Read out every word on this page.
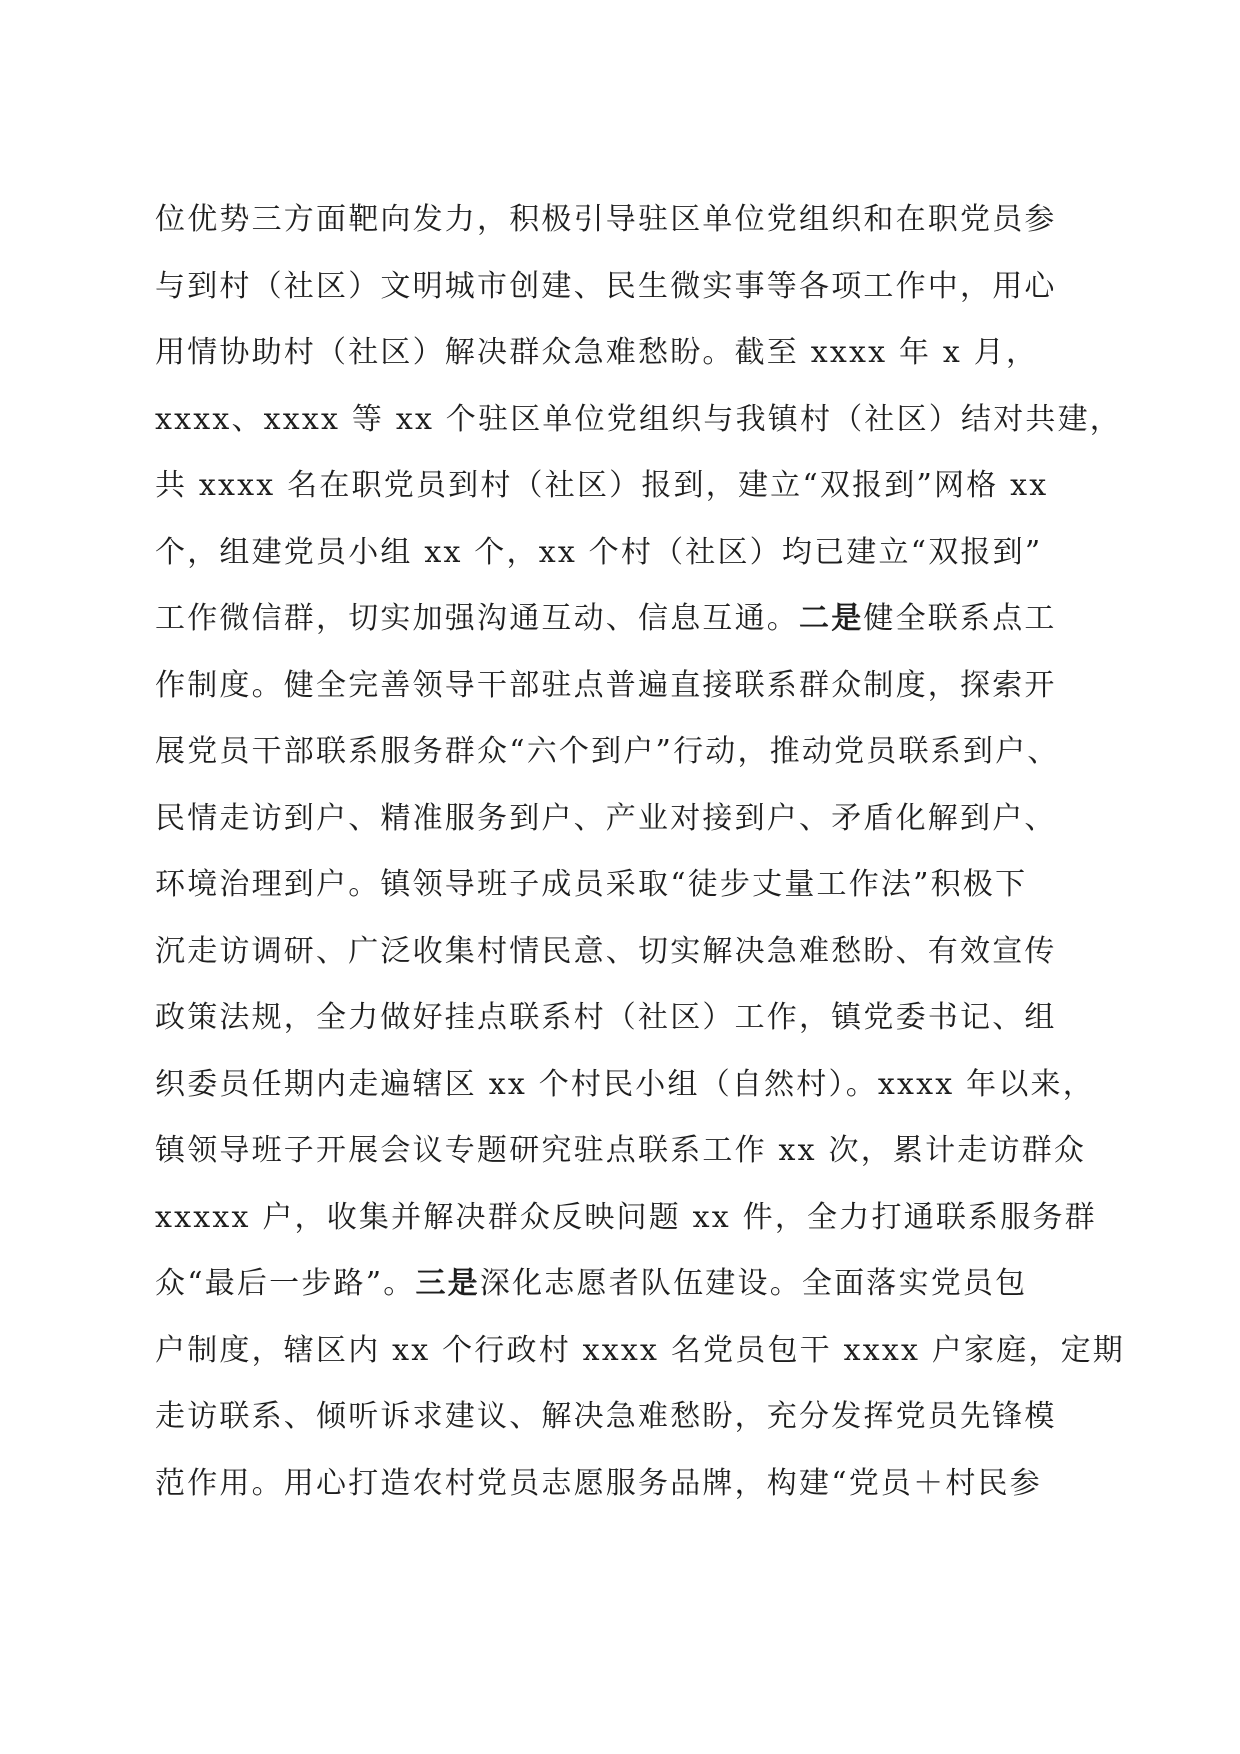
位优势三方面靶向发力，积极引导驻区单位党组织和在职党员参
与到村（社区）文明城市创建、民生微实事等各项工作中，用心
用情协助村（社区）解决群众急难愁盼。截至 xxxx 年 x 月，
xxxx、xxxx 等 xx 个驻区单位党组织与我镇村（社区）结对共建，
共 xxxx 名在职党员到村（社区）报到，建立“双报到”网格 xx
个，组建党员小组 xx 个，xx 个村（社区）均已建立“双报到”
工作微信群，切实加强沟通互动、信息互通。二是健全联系点工
作制度。健全完善领导干部驻点普遍直接联系群众制度，探索开
展党员干部联系服务群众“六个到户”行动，推动党员联系到户、
民情走访到户、精准服务到户、产业对接到户、矛盾化解到户、
环境治理到户。镇领导班子成员采取“徒步丈量工作法”积极下
沉走访调研、广泛收集村情民意、切实解决急难愁盼、有效宣传
政策法规，全力做好挂点联系村（社区）工作，镇党委书记、组
织委员任期内走遍辖区 xx 个村民小组（自然村）。xxxx 年以来，
镇领导班子开展会议专题研究驻点联系工作 xx 次，累计走访群众
xxxxx 户，收集并解决群众反映问题 xx 件，全力打通联系服务群
众“最后一步路”。三是深化志愿者队伍建设。全面落实党员包
户制度，辖区内 xx 个行政村 xxxx 名党员包干 xxxx 户家庭，定期
走访联系、倾听诉求建议、解决急难愁盼，充分发挥党员先锋模
范作用。用心打造农村党员志愿服务品牌，构建“党员＋村民参
